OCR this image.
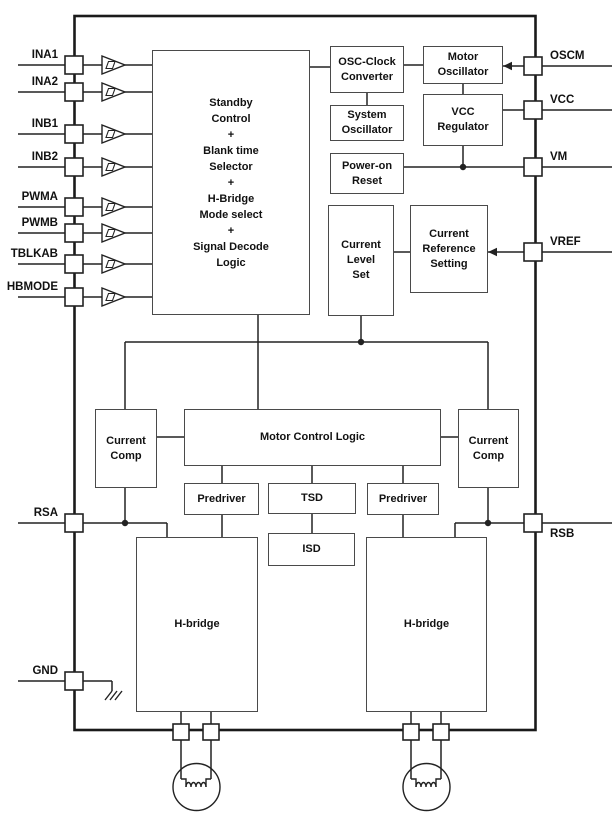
Standby
Control
+
Blank time
Selector
+
H-Bridge
Mode select
+
Signal Decode
Logic
OSC-Clock
Converter
Motor
Oscillator
System
Oscillator
VCC
Regulator
Power-on
Reset
Current
Level
Set
Current
Reference
Setting
Motor Control Logic
Current
Comp
Current
Comp
Predriver	TSD	Predriver
ISD
H-bridge	H-bridge
INA1
INA2
INB1
INB2
PWMA
PWMB
TBLKAB
HBMODE
RSA
GND
OSCM
VCC
VM
VREF
RSB
